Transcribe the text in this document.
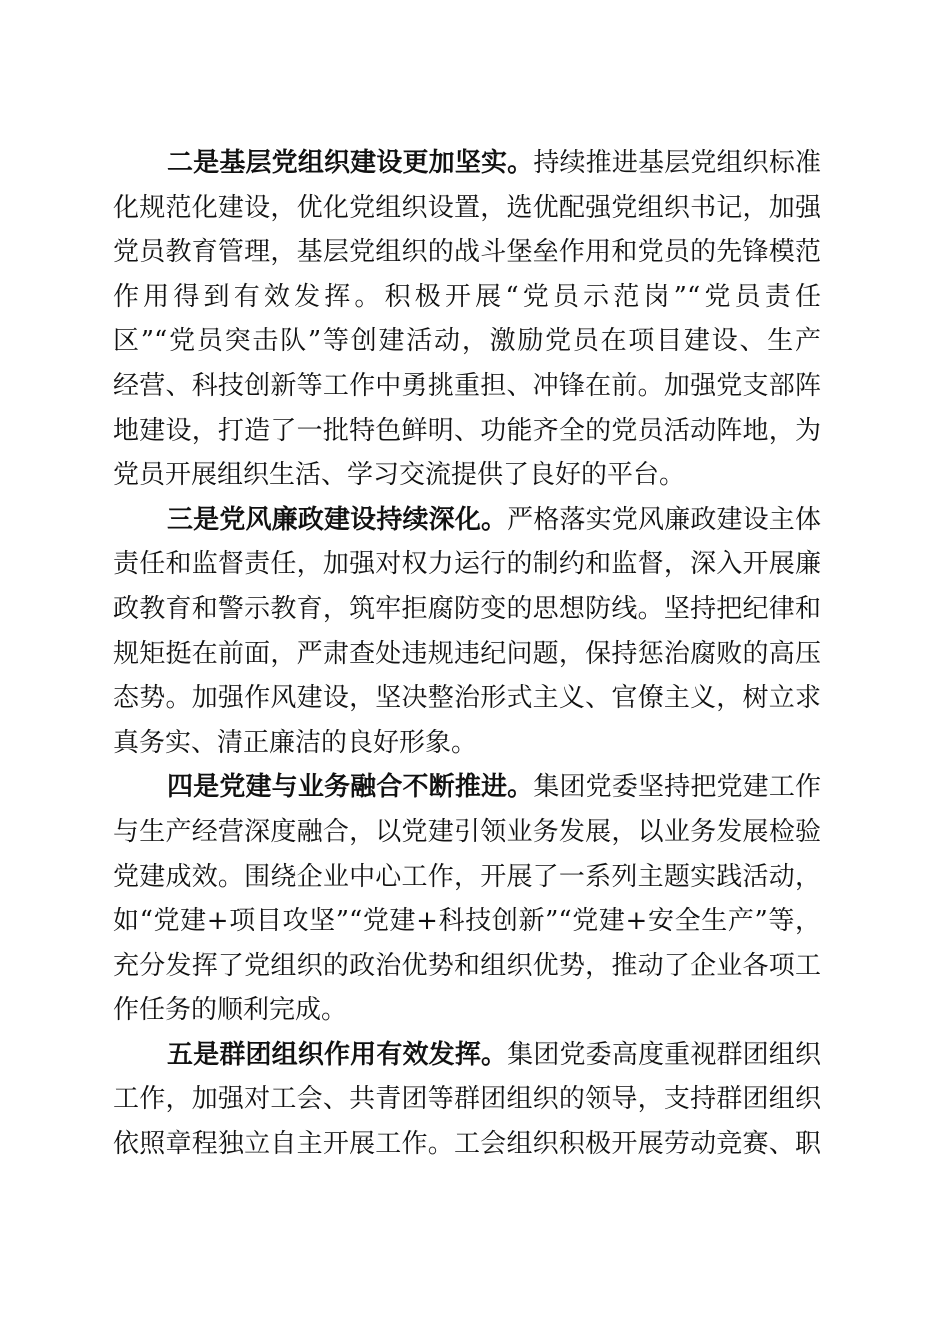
二是基层党组织建设更加坚实。持续推进基层党组织标准
化规范化建设，优化党组织设置，选优配强党组织书记，加强
党员教育管理，基层党组织的战斗堡垒作用和党员的先锋模范
作用得到有效发挥。积极开展“党员示范岗”“党员责任
区”“党员突击队”等创建活动，激励党员在项目建设、生产
经营、科技创新等工作中勇挑重担、冲锋在前。加强党支部阵
地建设，打造了一批特色鲜明、功能齐全的党员活动阵地，为
党员开展组织生活、学习交流提供了良好的平台。
三是党风廉政建设持续深化。严格落实党风廉政建设主体
责任和监督责任，加强对权力运行的制约和监督，深入开展廉
政教育和警示教育，筑牢拒腐防变的思想防线。坚持把纪律和
规矩挺在前面，严肃查处违规违纪问题，保持惩治腐败的高压
态势。加强作风建设，坚决整治形式主义、官僚主义，树立求
真务实、清正廉洁的良好形象。
四是党建与业务融合不断推进。集团党委坚持把党建工作
与生产经营深度融合，以党建引领业务发展，以业务发展检验
党建成效。围绕企业中心工作，开展了一系列主题实践活动，
如“党建+项目攻坚”“党建+科技创新”“党建+安全生产”等，
充分发挥了党组织的政治优势和组织优势，推动了企业各项工
作任务的顺利完成。
五是群团组织作用有效发挥。集团党委高度重视群团组织
工作，加强对工会、共青团等群团组织的领导，支持群团组织
依照章程独立自主开展工作。工会组织积极开展劳动竞赛、职
